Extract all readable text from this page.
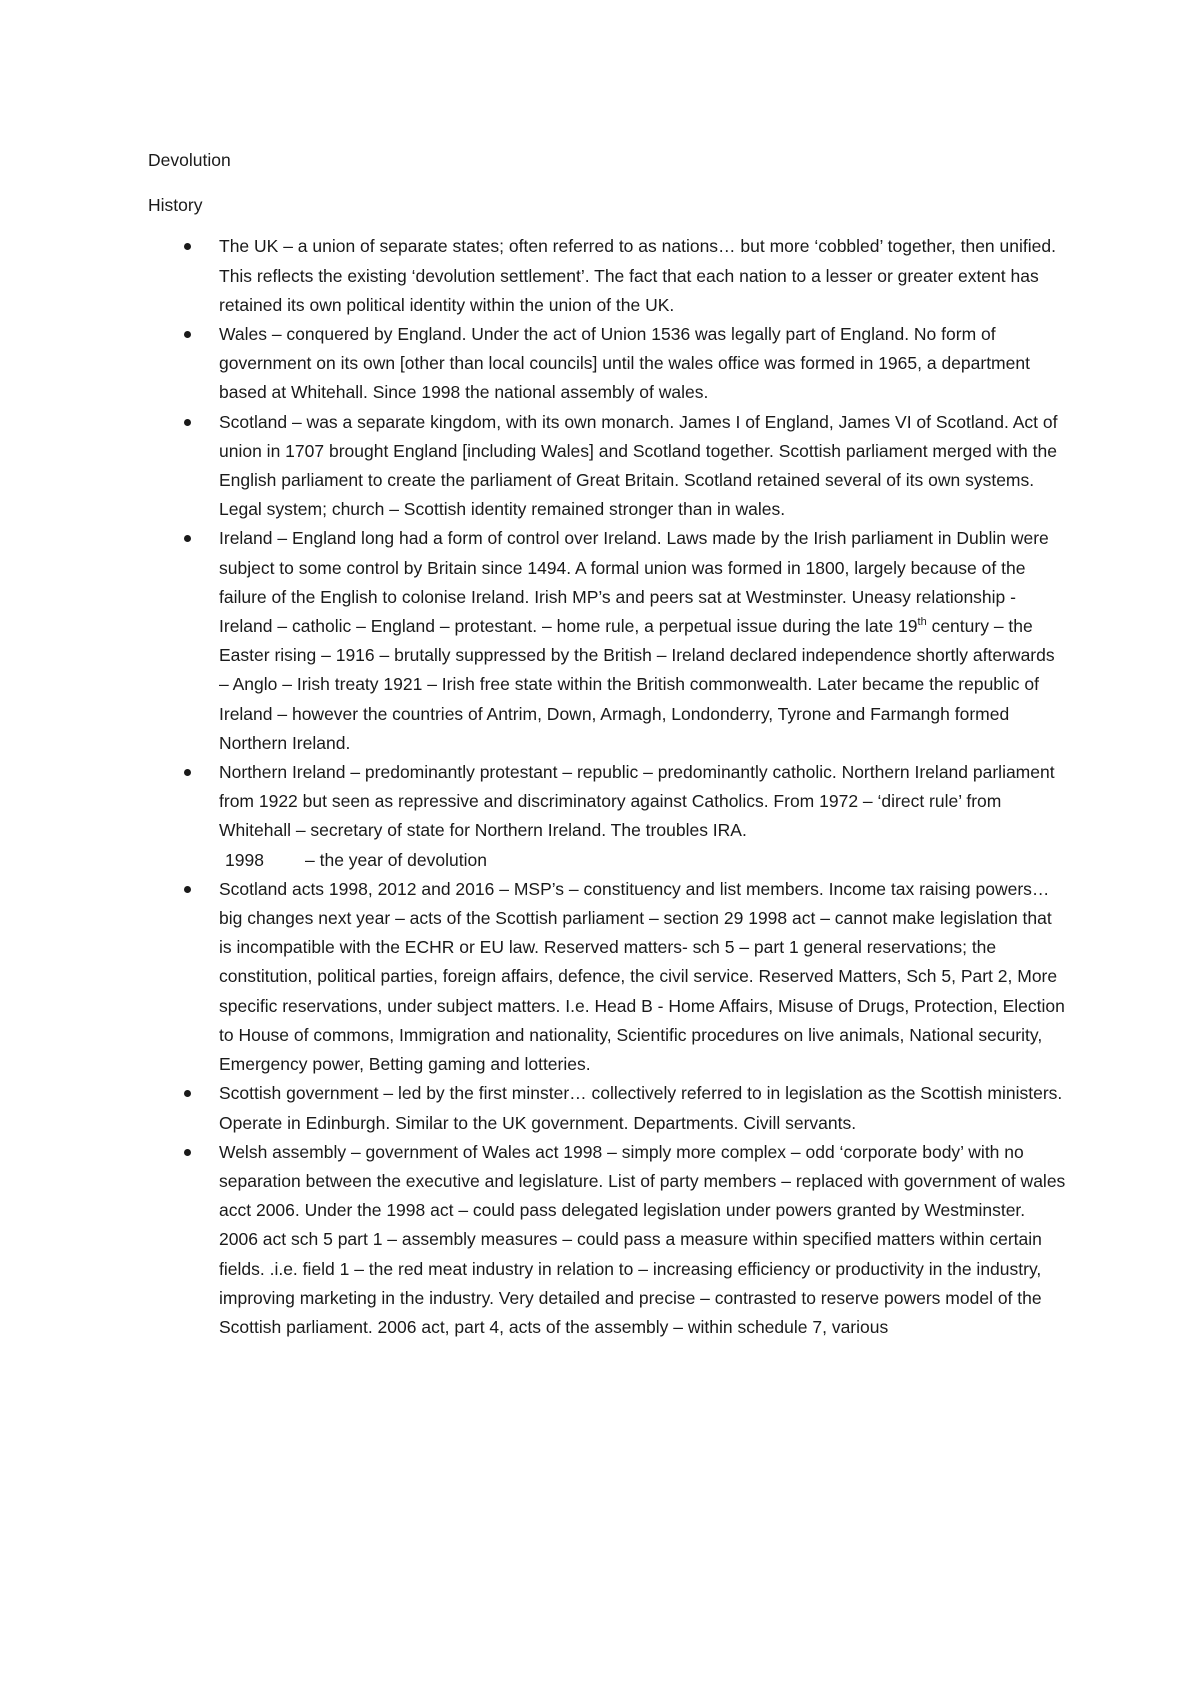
Devolution
History
The UK – a union of separate states; often referred to as nations… but more ‘cobbled’ together, then unified. This reflects the existing ‘devolution settlement’. The fact that each nation to a lesser or greater extent has retained its own political identity within the union of the UK.
Wales – conquered by England. Under the act of Union 1536 was legally part of England. No form of government on its own [other than local councils] until the wales office was formed in 1965, a department based at Whitehall. Since 1998 the national assembly of wales.
Scotland – was a separate kingdom, with its own monarch. James I of England, James VI of Scotland. Act of union in 1707 brought England [including Wales] and Scotland together. Scottish parliament merged with the English parliament to create the parliament of Great Britain. Scotland retained several of its own systems. Legal system; church – Scottish identity remained stronger than in wales.
Ireland – England long had a form of control over Ireland. Laws made by the Irish parliament in Dublin were subject to some control by Britain since 1494. A formal union was formed in 1800, largely because of the failure of the English to colonise Ireland. Irish MP’s and peers sat at Westminster. Uneasy relationship - Ireland – catholic – England – protestant. – home rule, a perpetual issue during the late 19th century – the Easter rising – 1916 – brutally suppressed by the British – Ireland declared independence shortly afterwards – Anglo – Irish treaty 1921 – Irish free state within the British commonwealth. Later became the republic of Ireland – however the countries of Antrim, Down, Armagh, Londonderry, Tyrone and Farmangh formed Northern Ireland.
Northern Ireland – predominantly protestant – republic – predominantly catholic. Northern Ireland parliament from 1922 but seen as repressive and discriminatory against Catholics. From 1972 – ‘direct rule’ from Whitehall – secretary of state for Northern Ireland. The troubles IRA.
1998 – the year of devolution
Scotland acts 1998, 2012 and 2016 – MSP’s – constituency and list members. Income tax raising powers… big changes next year – acts of the Scottish parliament – section 29 1998 act – cannot make legislation that is incompatible with the ECHR or EU law. Reserved matters- sch 5 – part 1 general reservations; the constitution, political parties, foreign affairs, defence, the civil service. Reserved Matters, Sch 5, Part 2, More specific reservations, under subject matters. I.e. Head B - Home Affairs, Misuse of Drugs, Protection, Election to House of commons, Immigration and nationality, Scientific procedures on live animals, National security, Emergency power, Betting gaming and lotteries.
Scottish government – led by the first minster… collectively referred to in legislation as the Scottish ministers. Operate in Edinburgh. Similar to the UK government. Departments. Civill servants.
Welsh assembly – government of Wales act 1998 – simply more complex – odd ‘corporate body’ with no separation between the executive and legislature. List of party members – replaced with government of wales acct 2006. Under the 1998 act – could pass delegated legislation under powers granted by Westminster. 2006 act sch 5 part 1 – assembly measures – could pass a measure within specified matters within certain fields. .i.e. field 1 – the red meat industry in relation to – increasing efficiency or productivity in the industry, improving marketing in the industry. Very detailed and precise – contrasted to reserve powers model of the Scottish parliament. 2006 act, part 4, acts of the assembly – within schedule 7, various
